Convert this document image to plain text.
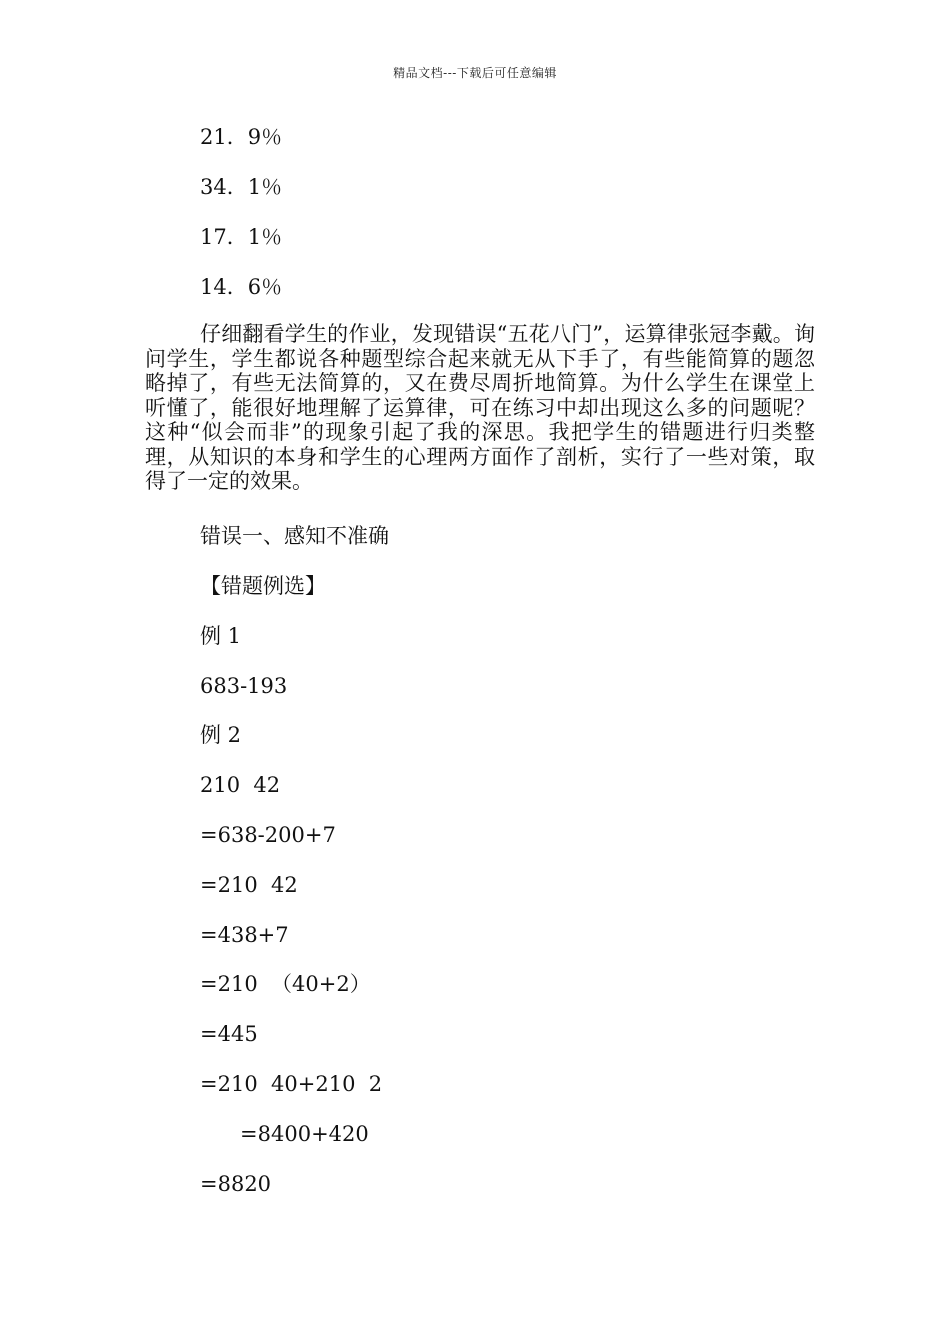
精品文档---下载后可任意编辑
21．9％
34．1％
17．1％
14．6％
仔细翻看学生的作业，发现错误“五花八门”，运算律张冠李戴。询问学生，学生都说各种题型综合起来就无从下手了，有些能简算的题忽略掉了，有些无法简算的，又在费尽周折地简算。为什么学生在课堂上听懂了，能很好地理解了运算律，可在练习中却出现这么多的问题呢？这种“似会而非”的现象引起了我的深思。我把学生的错题进行归类整理，从知识的本身和学生的心理两方面作了剖析，实行了一些对策，取得了一定的效果。
错误一、感知不准确
【错题例选】
例 1
683-193
例 2
210  42
=638-200+7
=210  42
=438+7
=210  （40+2）
=445
=210  40+210  2
=8400+420
=8820
